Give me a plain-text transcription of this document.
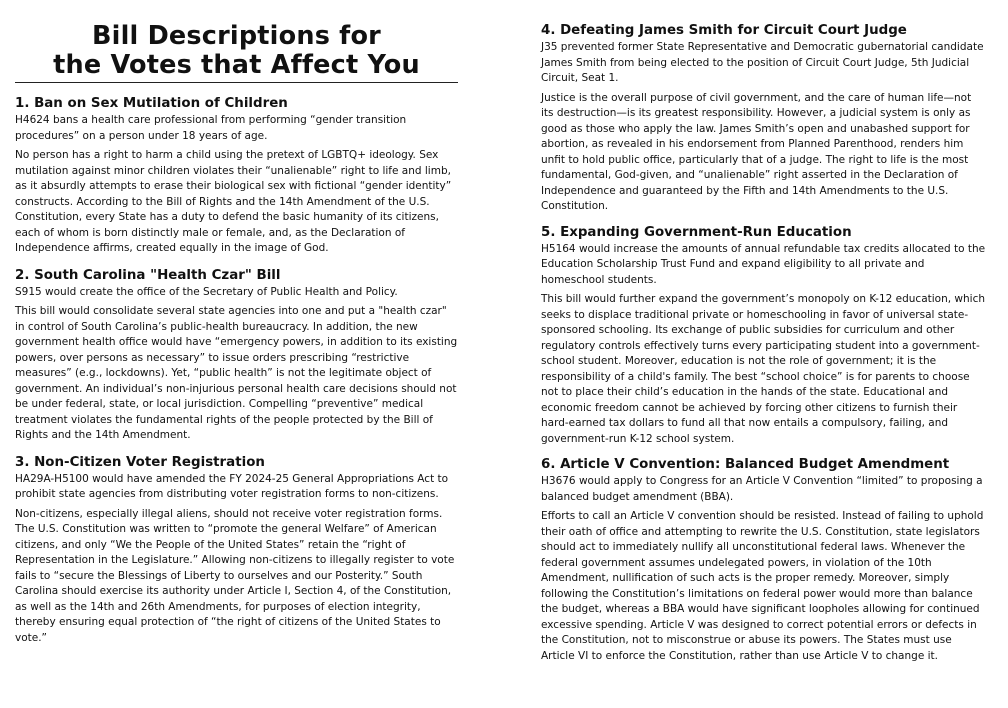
Bill Descriptions for
the Votes that Affect You
1. Ban on Sex Mutilation of Children

H4624 bans a health care professional from performing “gender transition procedures” on a person under 18 years of age.

No person has a right to harm a child using the pretext of LGBTQ+ ideology. Sex mutilation against minor children violates their “unalienable” right to life and limb, as it absurdly attempts to erase their biological sex with fictional “gender identity” constructs. According to the Bill of Rights and the 14th Amendment of the U.S. Constitution, every State has a duty to defend the basic humanity of its citizens, each of whom is born distinctly male or female, and, as the Declaration of Independence affirms, created equally in the image of God.

2. South Carolina "Health Czar" Bill

S915 would create the office of the Secretary of Public Health and Policy.

This bill would consolidate several state agencies into one and put a "health czar" in control of South Carolina’s public-health bureaucracy. In addition, the new government health office would have “emergency powers, in addition to its existing powers, over persons as necessary” to issue orders prescribing “restrictive measures” (e.g., lockdowns). Yet, “public health” is not the legitimate object of government. An individual’s non-injurious personal health care decisions should not be under federal, state, or local jurisdiction. Compelling “preventive” medical treatment violates the fundamental rights of the people protected by the Bill of Rights and the 14th Amendment.

3. Non-Citizen Voter Registration

HA29A-H5100 would have amended the FY 2024-25 General Appropriations Act to prohibit state agencies from distributing voter registration forms to non-citizens.

Non-citizens, especially illegal aliens, should not receive voter registration forms. The U.S. Constitution was written to “promote the general Welfare” of American citizens, and only “We the People of the United States” retain the “right of Representation in the Legislature.” Allowing non-citizens to illegally register to vote fails to “secure the Blessings of Liberty to ourselves and our Posterity.” South Carolina should exercise its authority under Article I, Section 4, of the Constitution, as well as the 14th and 26th Amendments, for purposes of election integrity, thereby ensuring equal protection of “the right of citizens of the United States to vote.”

4. Defeating James Smith for Circuit Court Judge

J35 prevented former State Representative and Democratic gubernatorial candidate James Smith from being elected to the position of Circuit Court Judge, 5th Judicial Circuit, Seat 1.

Justice is the overall purpose of civil government, and the care of human life—not its destruction—is its greatest responsibility. However, a judicial system is only as good as those who apply the law. James Smith’s open and unabashed support for abortion, as revealed in his endorsement from Planned Parenthood, renders him unfit to hold public office, particularly that of a judge. The right to life is the most fundamental, God-given, and “unalienable” right asserted in the Declaration of Independence and guaranteed by the Fifth and 14th Amendments to the U.S. Constitution.

5. Expanding Government-Run Education

H5164 would increase the amounts of annual refundable tax credits allocated to the Education Scholarship Trust Fund and expand eligibility to all private and homeschool students.

This bill would further expand the government’s monopoly on K-12 education, which seeks to displace traditional private or homeschooling in favor of universal state-sponsored schooling. Its exchange of public subsidies for curriculum and other regulatory controls effectively turns every participating student into a government-school student. Moreover, education is not the role of government; it is the responsibility of a child's family. The best “school choice” is for parents to choose not to place their child’s education in the hands of the state. Educational and economic freedom cannot be achieved by forcing other citizens to furnish their hard-earned tax dollars to fund all that now entails a compulsory, failing, and government-run K-12 school system.

6. Article V Convention: Balanced Budget Amendment

H3676 would apply to Congress for an Article V Convention “limited” to proposing a balanced budget amendment (BBA).

Efforts to call an Article V convention should be resisted. Instead of failing to uphold their oath of office and attempting to rewrite the U.S. Constitution, state legislators should act to immediately nullify all unconstitutional federal laws. Whenever the federal government assumes undelegated powers, in violation of the 10th Amendment, nullification of such acts is the proper remedy. Moreover, simply following the Constitution’s limitations on federal power would more than balance the budget, whereas a BBA would have significant loopholes allowing for continued excessive spending. Article V was designed to correct potential errors or defects in the Constitution, not to misconstrue or abuse its powers. The States must use Article VI to enforce the Constitution, rather than use Article V to change it.
